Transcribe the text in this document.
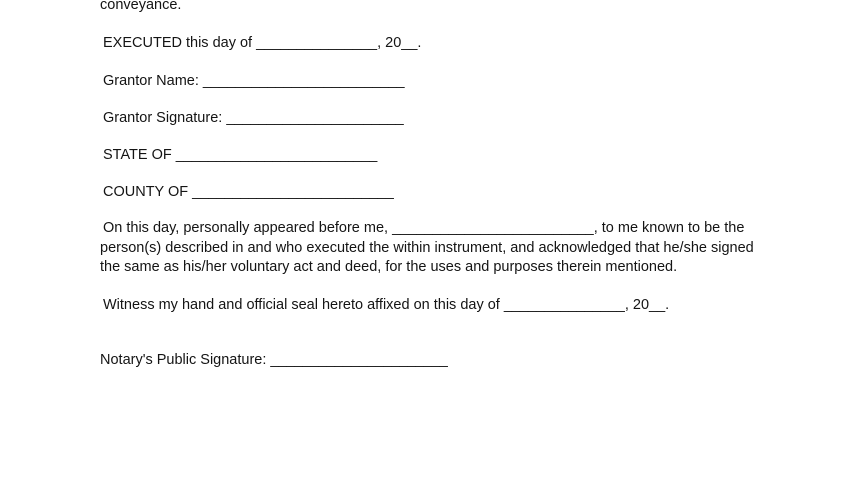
conveyance.
EXECUTED this day of _______________, 20__.
Grantor Name: _________________________
Grantor Signature: ______________________
STATE OF _________________________
COUNTY OF _________________________
On this day, personally appeared before me, _________________________, to me known to be the
person(s) described in and who executed the within instrument, and acknowledged that he/she signed
the same as his/her voluntary act and deed, for the uses and purposes therein mentioned.
Witness my hand and official seal hereto affixed on this day of _______________, 20__.
Notary's Public Signature: ______________________
